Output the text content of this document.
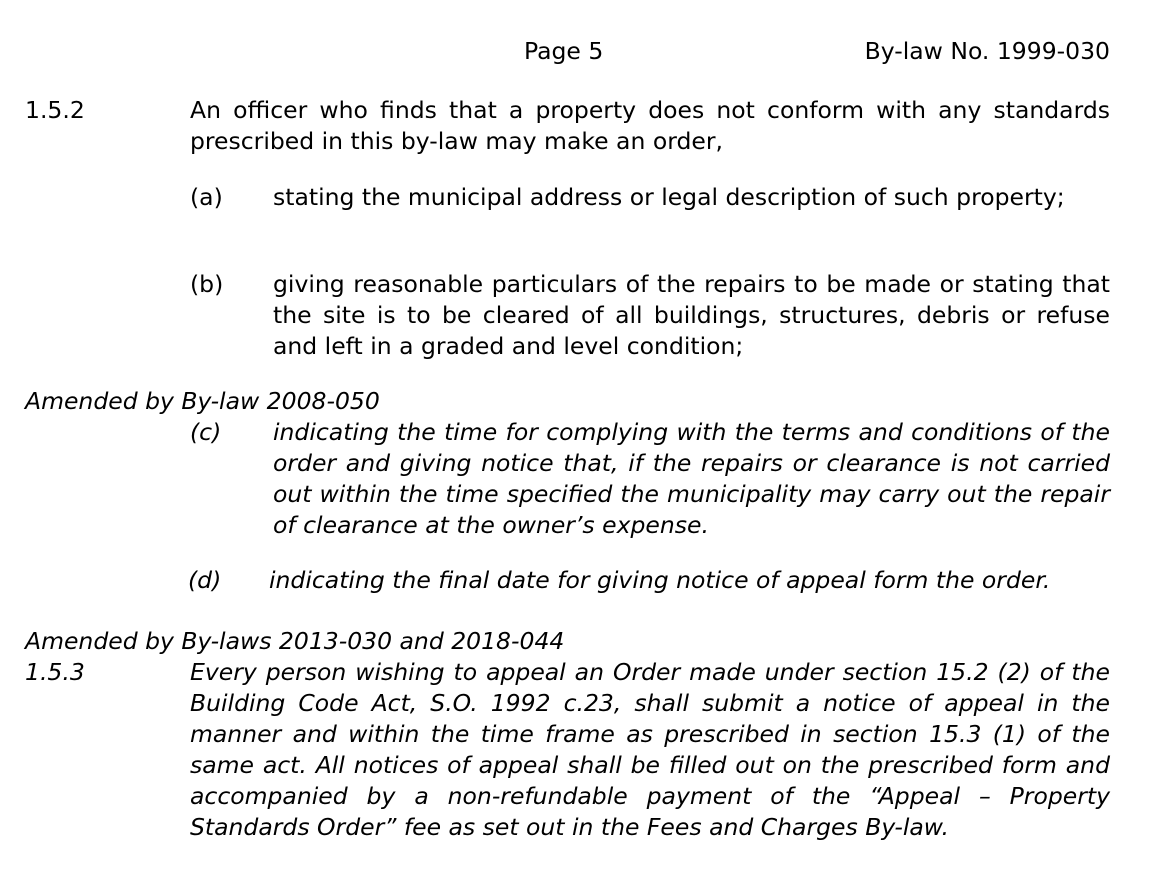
Page 5	By-law No. 1999-030
1.5.2	An officer who finds that a property does not conform with any standards prescribed in this by-law may make an order,

(a) stating the municipal address or legal description of such property;

(b) giving reasonable particulars of the repairs to be made or stating that the site is to be cleared of all buildings, structures, debris or refuse and left in a graded and level condition;

Amended by By-law 2008-050
(c) indicating the time for complying with the terms and conditions of the order and giving notice that, if the repairs or clearance is not carried out within the time specified the municipality may carry out the repair of clearance at the owner’s expense.

(d) indicating the final date for giving notice of appeal form the order.

Amended by By-laws 2013-030 and 2018-044
1.5.3	Every person wishing to appeal an Order made under section 15.2 (2) of the Building Code Act, S.O. 1992 c.23, shall submit a notice of appeal in the manner and within the time frame as prescribed in section 15.3 (1) of the same act. All notices of appeal shall be filled out on the prescribed form and accompanied by a non-refundable payment of the “Appeal – Property Standards Order” fee as set out in the Fees and Charges By-law.
